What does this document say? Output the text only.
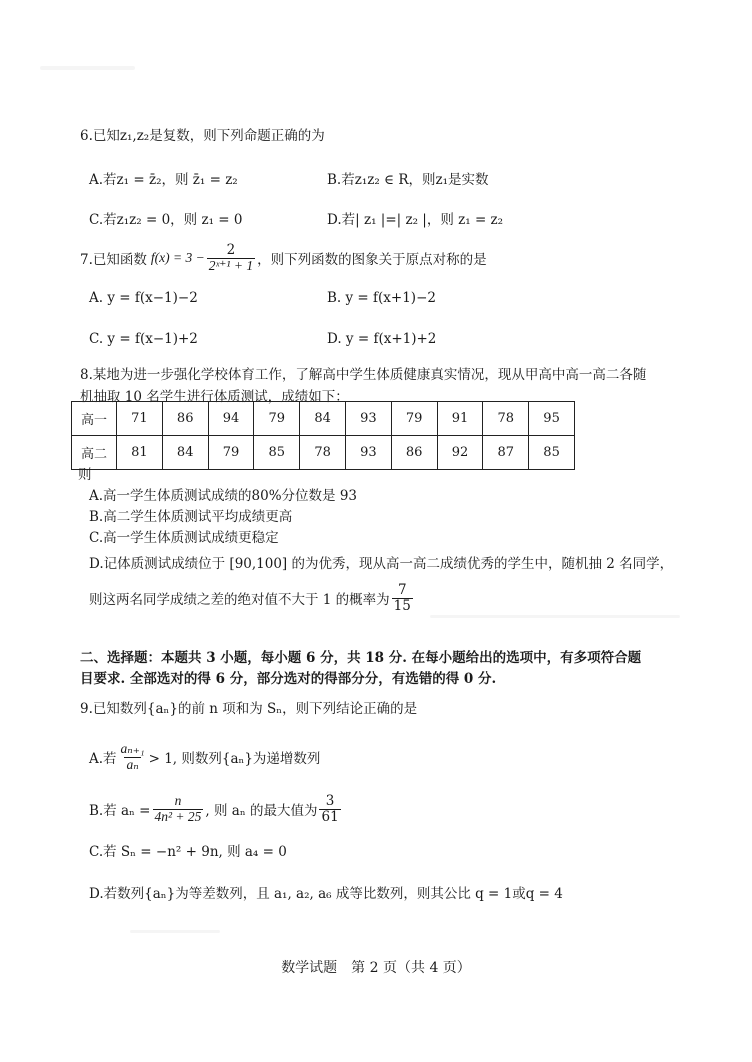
6.已知z₁,z₂是复数，则下列命题正确的为
A.若z₁ = z̄₂，则 z̄₁ = z₂	B.若z₁z₂ ∈ R，则z₁是实数
C.若z₁z₂ = 0，则 z₁ = 0	D.若| z₁ |=| z₂ |，则 z₁ = z₂
7.已知函数 $f(x) = 3 - \frac{2}{\text{2ˣ⁺¹ + 1}}$ ，则下列函数的图象关于原点对称的是
A. y = f(x−1)−2	B. y = f(x+1)−2
C. y = f(x−1)+2	D. y = f(x+1)+2
8.某地为进一步强化学校体育工作，了解高中学生体质健康真实情况，现从甲高中高一高二各随
机抽取 10 名学生进行体质测试，成绩如下：
高一	71	86	94	79	84	93	79	91	78	95
高二	81	84	79	85	78	93	86	92	87	85
则
A.高一学生体质测试成绩的80%分位数是 93
B.高二学生体质测试平均成绩更高
C.高一学生体质测试成绩更稳定
D.记体质测试成绩位于 [90,100] 的为优秀，现从高一高二成绩优秀的学生中，随机抽 2 名同学，
则这两名同学成绩之差的绝对值不大于 1 的概率为 $\frac{7}{15}$
二、选择题：本题共 3 小题，每小题 6 分，共 18 分. 在每小题给出的选项中，有多项符合题
目要求. 全部选对的得 6 分，部分选对的得部分分，有选错的得 0 分.
9.已知数列{aₙ}的前 n 项和为 Sₙ，则下列结论正确的是
A.若 $\frac{\text{aₙ₊₁}}{\text{aₙ}} > 1$, 则数列{aₙ}为递增数列
B.若 $a_n = \frac{n}{\text{4n² + 25}}$ , 则 aₙ 的最大值为 $\frac{3}{61}$
C.若 Sₙ = −n² + 9n, 则 a₄ = 0
D.若数列{aₙ}为等差数列，且 a₁, a₂, a₆ 成等比数列，则其公比 q = 1或q = 4
数学试题　第 2 页（共 4 页）
